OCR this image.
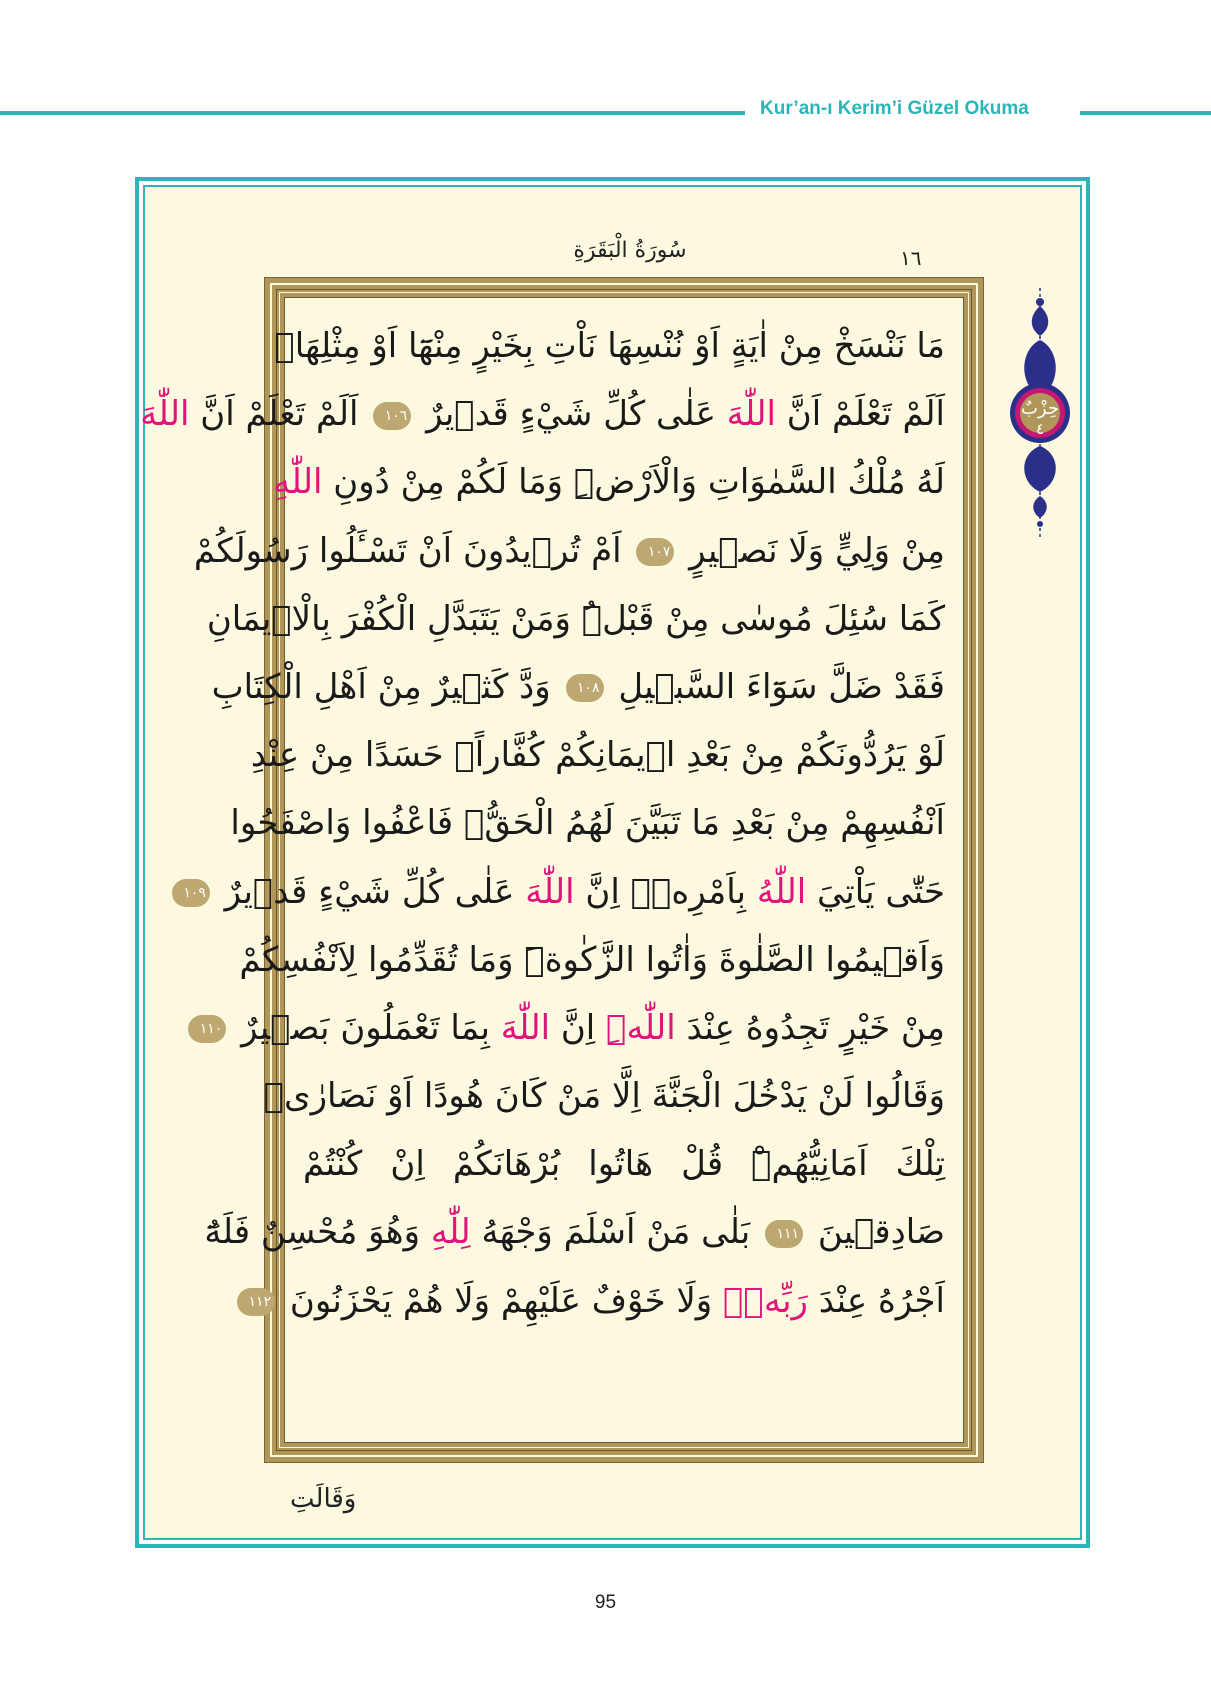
Kur’an-ı Kerim’i Güzel Okuma
سُورَةُ الْبَقَرَةِ	١٦
حِزْبٌ
٤
مَا نَنْسَخْ مِنْ اٰيَةٍ اَوْ نُنْسِهَا نَاْتِ بِخَيْرٍ مِنْهَٓا اَوْ مِثْلِهَاۜ
اَلَمْ تَعْلَمْ اَنَّ اللّٰهَ عَلٰى كُلِّ شَيْءٍ قَد۪يرٌ ١٠٦ اَلَمْ تَعْلَمْ اَنَّ اللّٰهَ
لَهُ مُلْكُ السَّمٰوَاتِ وَالْاَرْضِۜ وَمَا لَكُمْ مِنْ دُونِ اللّٰهِ
مِنْ وَلِيٍّ وَلَا نَص۪يرٍ ١٠٧ اَمْ تُر۪يدُونَ اَنْ تَسْـَٔلُوا رَسُولَكُمْ
كَمَا سُئِلَ مُوسٰى مِنْ قَبْلُۜ وَمَنْ يَتَبَدَّلِ الْكُفْرَ بِالْا۪يمَانِ
فَقَدْ ضَلَّ سَوَٓاءَ السَّب۪يلِ ١٠٨ وَدَّ كَث۪يرٌ مِنْ اَهْلِ الْكِتَابِ
لَوْ يَرُدُّونَكُمْ مِنْ بَعْدِ ا۪يمَانِكُمْ كُفَّاراًۚ حَسَدًا مِنْ عِنْدِ
اَنْفُسِهِمْ مِنْ بَعْدِ مَا تَبَيَّنَ لَهُمُ الْحَقُّۚ فَاعْفُوا وَاصْفَحُوا
حَتّٰى يَاْتِيَ اللّٰهُ بِاَمْرِه۪ۜ اِنَّ اللّٰهَ عَلٰى كُلِّ شَيْءٍ قَد۪يرٌ ١٠٩
وَاَق۪يمُوا الصَّلٰوةَ وَاٰتُوا الزَّكٰوةَۜ وَمَا تُقَدِّمُوا لِاَنْفُسِكُمْ
مِنْ خَيْرٍ تَجِدُوهُ عِنْدَ اللّٰهِۜ اِنَّ اللّٰهَ بِمَا تَعْمَلُونَ بَص۪يرٌ ١١٠
وَقَالُوا لَنْ يَدْخُلَ الْجَنَّةَ اِلَّا مَنْ كَانَ هُودًا اَوْ نَصَارٰىۜ
تِلْكَ اَمَانِيُّهُمْۜ قُلْ هَاتُوا بُرْهَانَكُمْ اِنْ كُنْتُمْ
صَادِق۪ينَ ١١١ بَلٰى مَنْ اَسْلَمَ وَجْهَهُ لِلّٰهِ وَهُوَ مُحْسِنٌ فَلَهُٓ
اَجْرُهُ عِنْدَ رَبِّه۪ۖ وَلَا خَوْفٌ عَلَيْهِمْ وَلَا هُمْ يَحْزَنُونَ ١١٢
وَقَالَتِ
95
